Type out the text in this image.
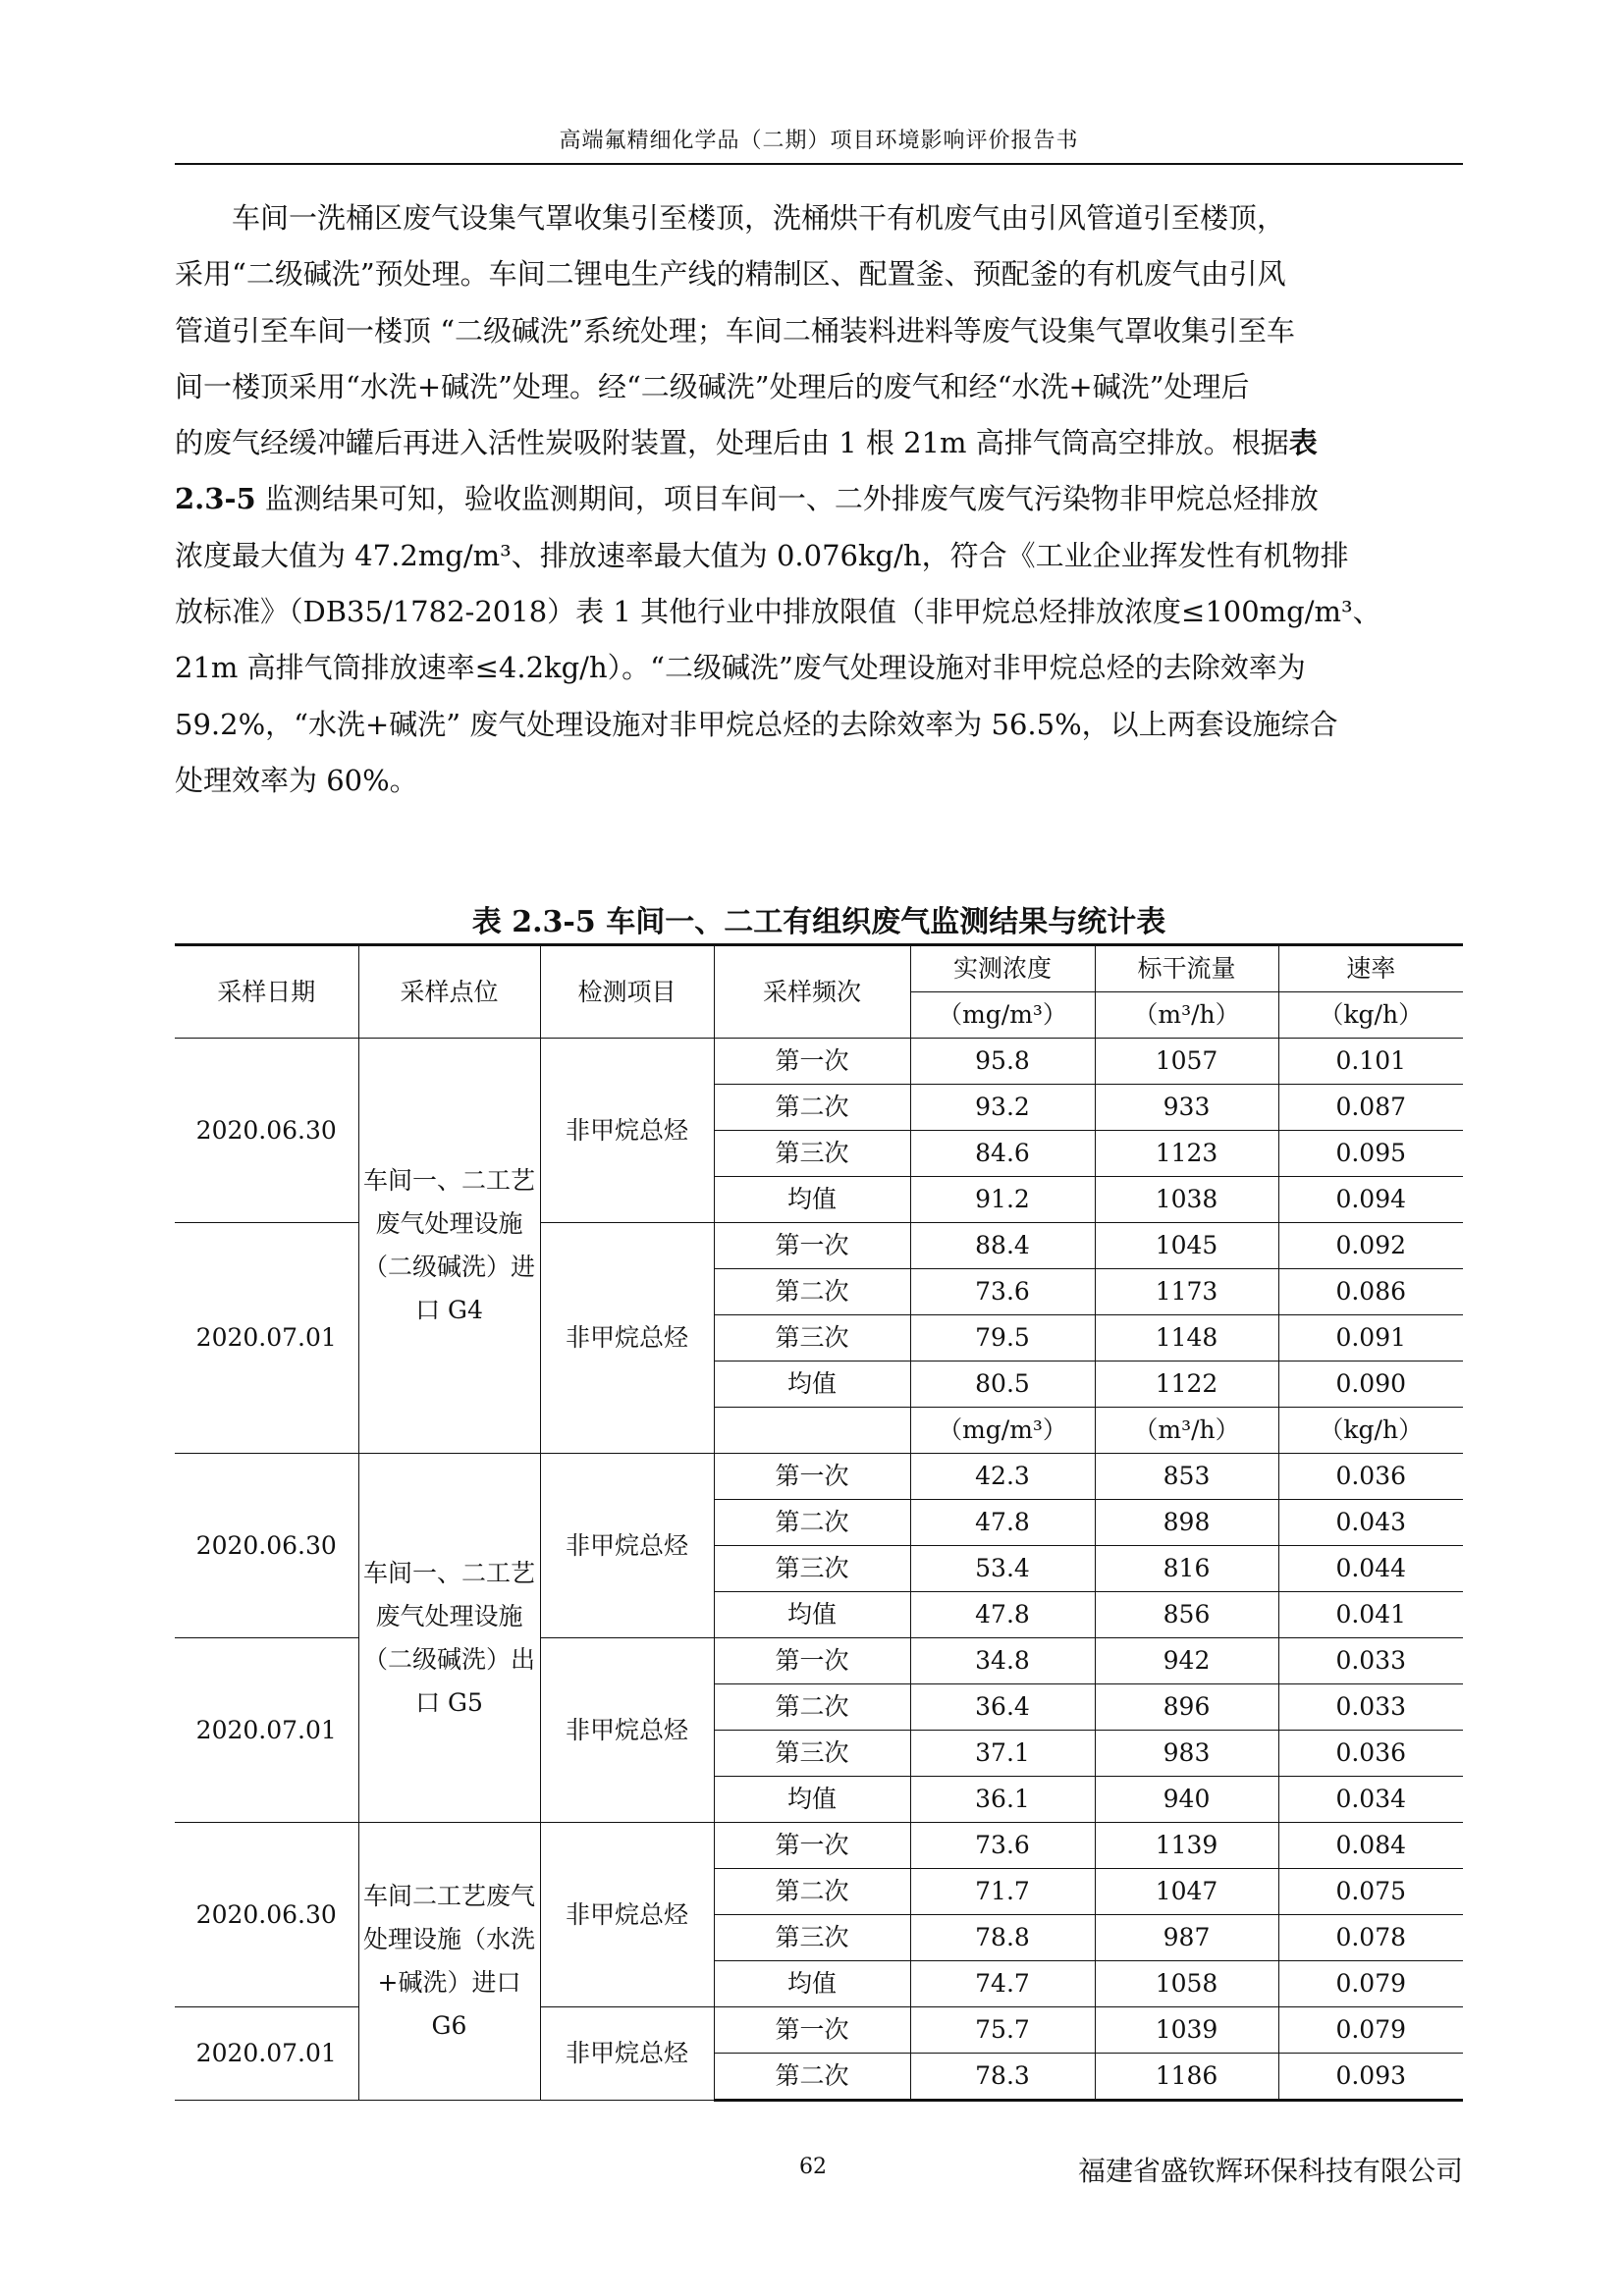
高端氟精细化学品（二期）项目环境影响评价报告书
车间一洗桶区废气设集气罩收集引至楼顶，洗桶烘干有机废气由引风管道引至楼顶，
采用“二级碱洗”预处理。车间二锂电生产线的精制区、配置釜、预配釜的有机废气由引风
管道引至车间一楼顶 “二级碱洗”系统处理；车间二桶装料进料等废气设集气罩收集引至车
间一楼顶采用“水洗+碱洗”处理。经“二级碱洗”处理后的废气和经“水洗+碱洗”处理后
的废气经缓冲罐后再进入活性炭吸附装置，处理后由 1 根 21m 高排气筒高空排放。根据表
2.3-5 监测结果可知，验收监测期间，项目车间一、二外排废气废气污染物非甲烷总烃排放
浓度最大值为 47.2mg/m³、排放速率最大值为 0.076kg/h，符合《工业企业挥发性有机物排
放标准》（DB35/1782-2018）表 1 其他行业中排放限值（非甲烷总烃排放浓度≤100mg/m³、
21m 高排气筒排放速率≤4.2kg/h）。“二级碱洗”废气处理设施对非甲烷总烃的去除效率为
59.2%，“水洗+碱洗” 废气处理设施对非甲烷总烃的去除效率为 56.5%，以上两套设施综合
处理效率为 60%。
表 2.3-5 车间一、二工有组织废气监测结果与统计表
采样日期	采样点位	检测项目	采样频次	实测浓度	标干流量	速率
				（mg/m³）	（m³/h）	（kg/h）
2020.06.30	车间一、二工艺废气处理设施（二级碱洗）进口 G4	非甲烷总烃	第一次	95.8	1057	0.101
			第二次	93.2	933	0.087
			第三次	84.6	1123	0.095
			均值	91.2	1038	0.094
2020.07.01		非甲烷总烃	第一次	88.4	1045	0.092
			第二次	73.6	1173	0.086
			第三次	79.5	1148	0.091
			均值	80.5	1122	0.090
				（mg/m³）	（m³/h）	（kg/h）
2020.06.30	车间一、二工艺废气处理设施（二级碱洗）出口 G5	非甲烷总烃	第一次	42.3	853	0.036
			第二次	47.8	898	0.043
			第三次	53.4	816	0.044
			均值	47.8	856	0.041
2020.07.01		非甲烷总烃	第一次	34.8	942	0.033
			第二次	36.4	896	0.033
			第三次	37.1	983	0.036
			均值	36.1	940	0.034
2020.06.30	车间二工艺废气处理设施（水洗+碱洗）进口 G6	非甲烷总烃	第一次	73.6	1139	0.084
			第二次	71.7	1047	0.075
			第三次	78.8	987	0.078
			均值	74.7	1058	0.079
2020.07.01		非甲烷总烃	第一次	75.7	1039	0.079
			第二次	78.3	1186	0.093
62	福建省盛钦辉环保科技有限公司
